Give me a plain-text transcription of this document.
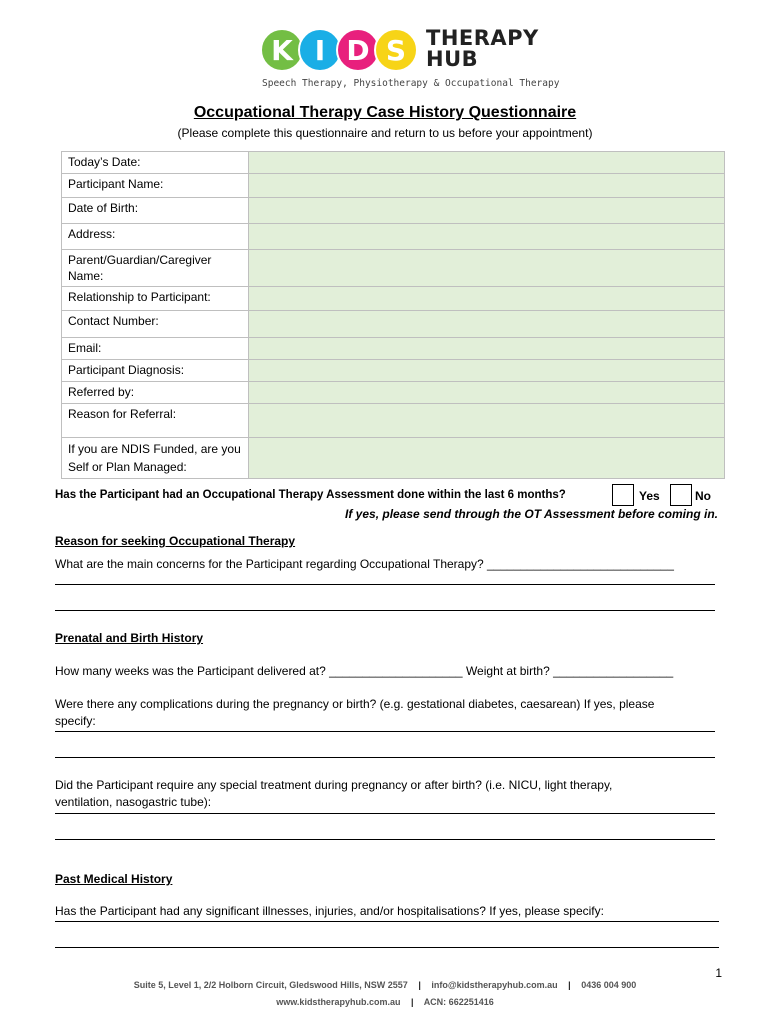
K I D S THERAPY
HUB
Speech Therapy, Physiotherapy & Occupational Therapy
Occupational Therapy Case History Questionnaire
(Please complete this questionnaire and return to us before your appointment)
Today’s Date:	
Participant Name:	
Date of Birth:	
Address:	
Parent/Guardian/Caregiver Name:	
Relationship to Participant:	
Contact Number:	
Email:	
Participant Diagnosis:	
Referred by:	
Reason for Referral:	
If you are NDIS Funded, are you Self or Plan Managed:	
Has the Participant had an Occupational Therapy Assessment done within the last 6 months?	Yes	No
If yes, please send through the OT Assessment before coming in.
Reason for seeking Occupational Therapy
What are the main concerns for the Participant regarding Occupational Therapy? ____________________________
Prenatal and Birth History
How many weeks was the Participant delivered at? ____________________ Weight at birth? __________________
Were there any complications during the pregnancy or birth? (e.g. gestational diabetes, caesarean) If yes, please
specify:
Did the Participant require any special treatment during pregnancy or after birth? (i.e. NICU, light therapy,
ventilation, nasogastric tube):
Past Medical History
Has the Participant had any significant illnesses, injuries, and/or hospitalisations? If yes, please specify:
1
Suite 5, Level 1, 2/2 Holborn Circuit, Gledswood Hills, NSW 2557 | info@kidstherapyhub.com.au | 0436 004 900
www.kidstherapyhub.com.au | ACN: 662251416
